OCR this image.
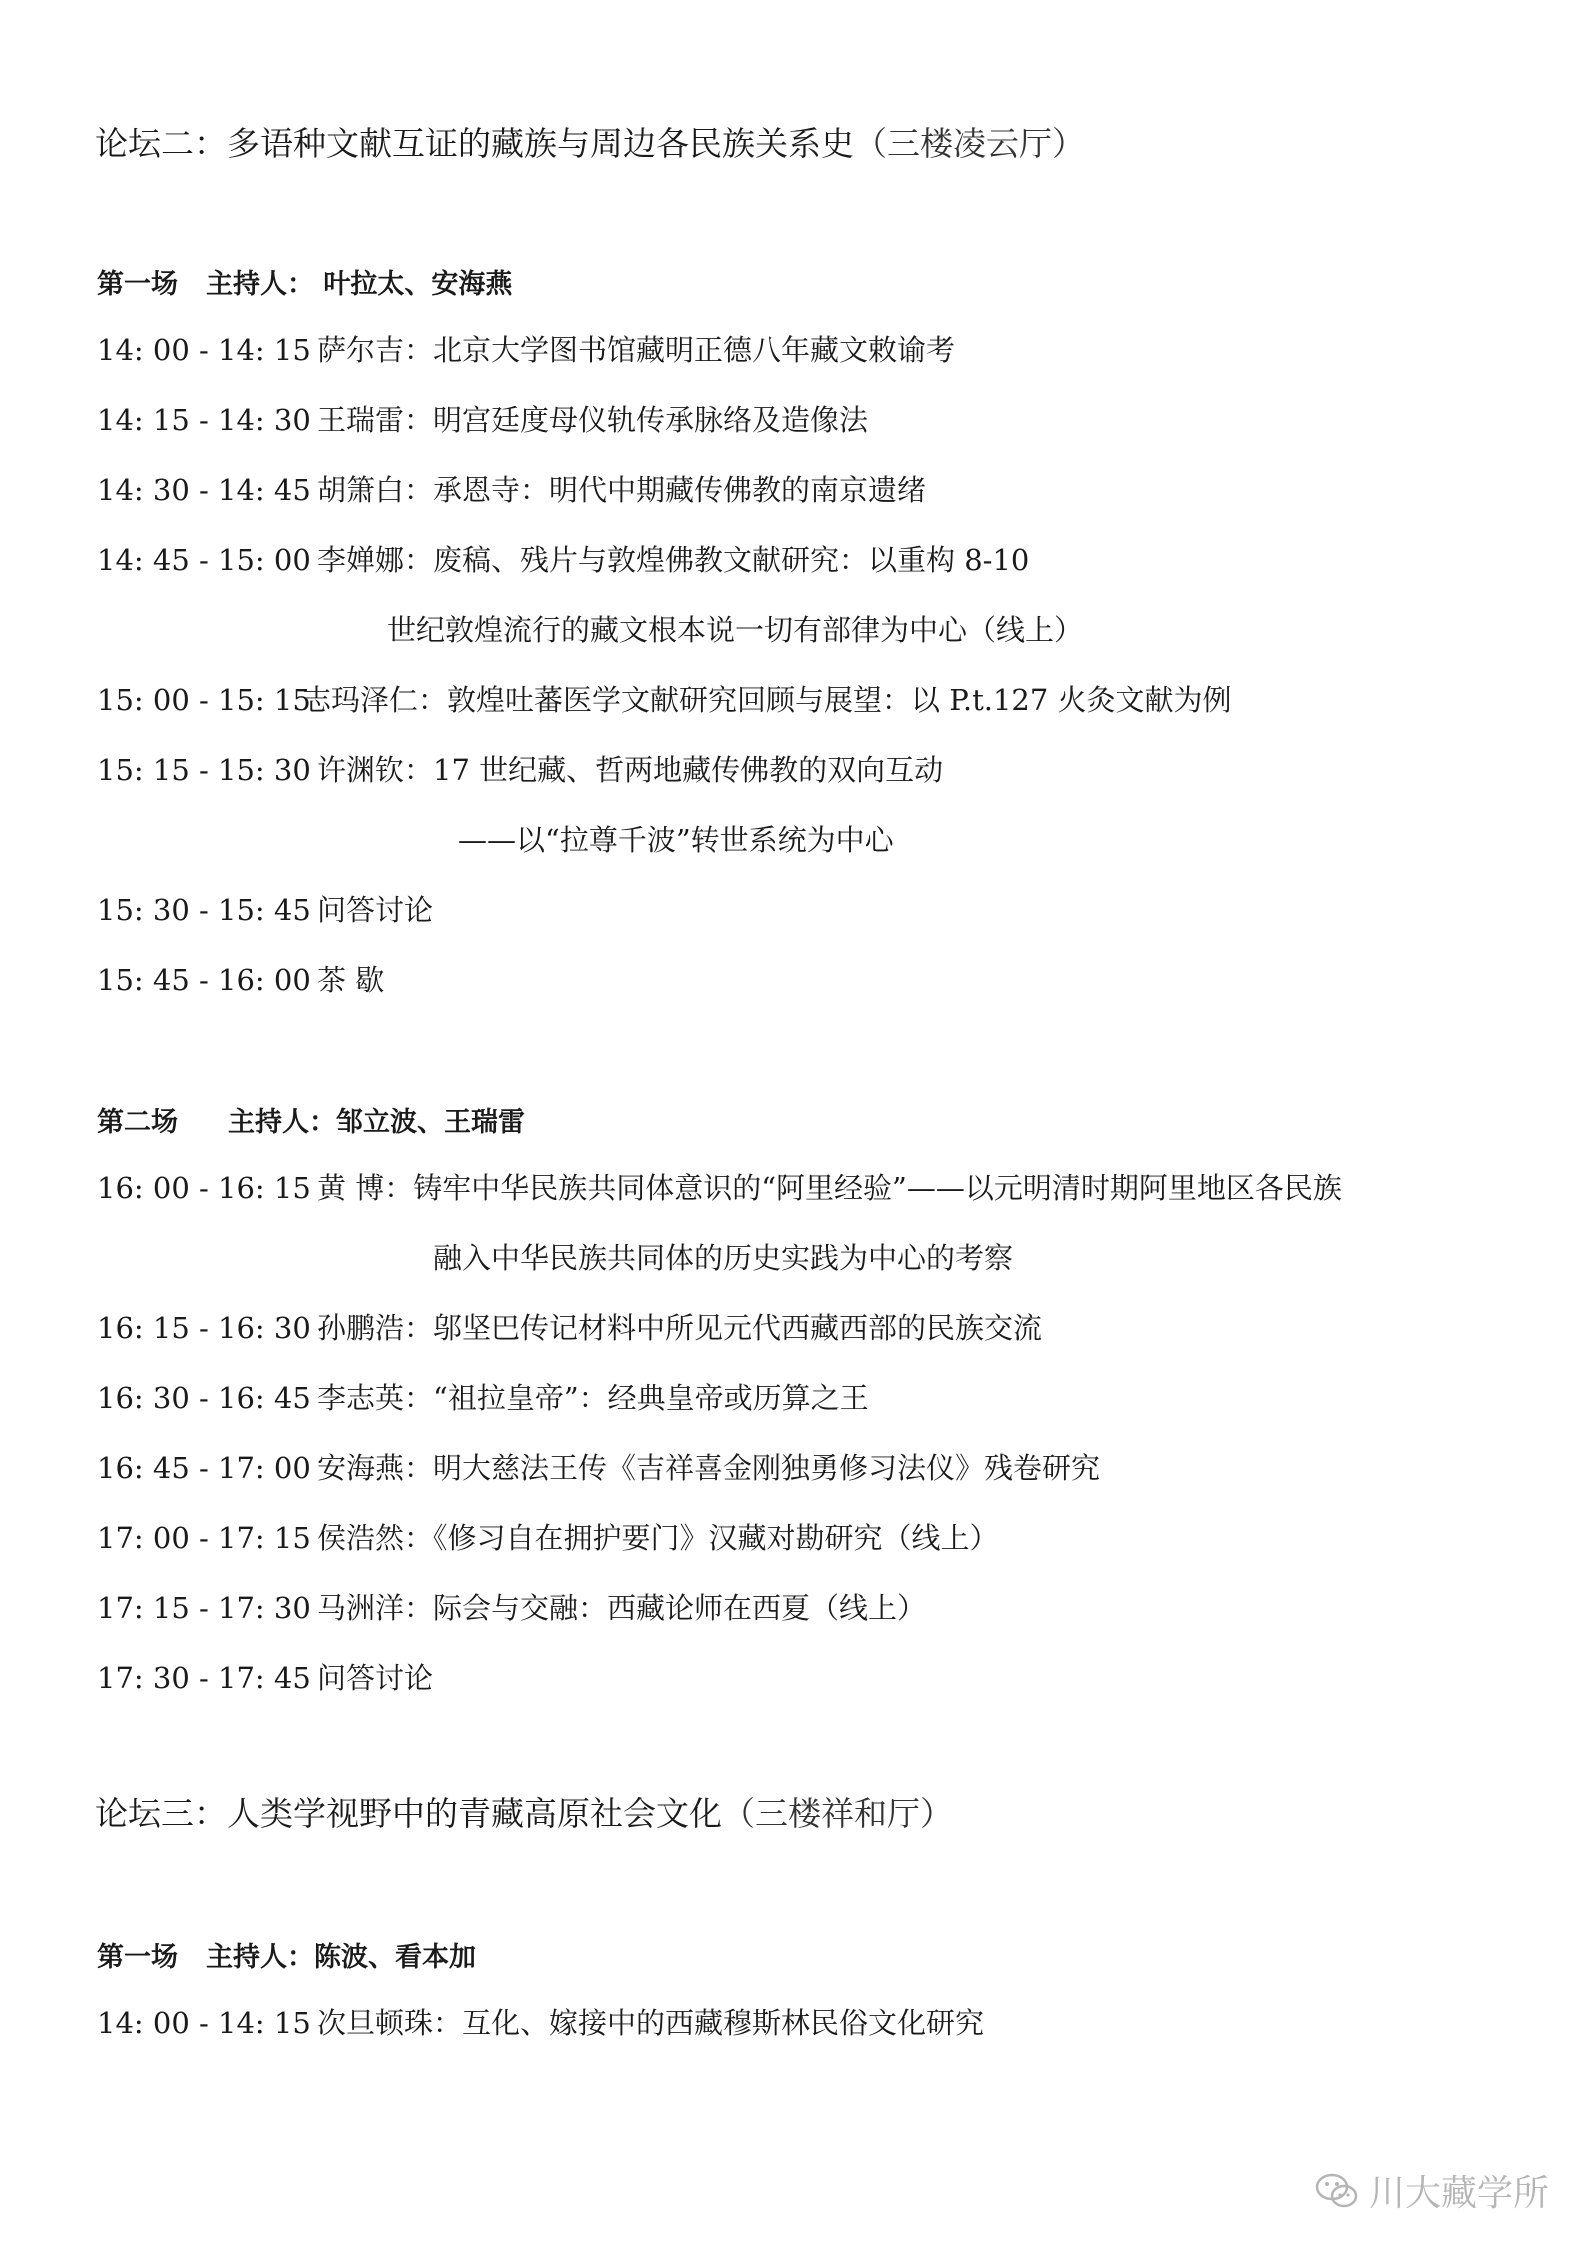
论坛二：多语种文献互证的藏族与周边各民族关系史（三楼凌云厅）
第一场 主持人： 叶拉太、安海燕
14: 00 - 14: 15 萨尔吉：北京大学图书馆藏明正德八年藏文敕谕考
14: 15 - 14: 30 王瑞雷：明宫廷度母仪轨传承脉络及造像法
14: 30 - 14: 45 胡箫白：承恩寺：明代中期藏传佛教的南京遗绪
14: 45 - 15: 00 李婵娜：废稿、残片与敦煌佛教文献研究：以重构 8-10
世纪敦煌流行的藏文根本说一切有部律为中心（线上）
15: 00 - 15: 15志玛泽仁：敦煌吐蕃医学文献研究回顾与展望：以 P.t.127 火灸文献为例
15: 15 - 15: 30 许渊钦：17 世纪藏、哲两地藏传佛教的双向互动
——以“拉尊千波”转世系统为中心
15: 30 - 15: 45 问答讨论
15: 45 - 16: 00 茶 歇
第二场 主持人：邹立波、王瑞雷
16: 00 - 16: 15 黄 博：铸牢中华民族共同体意识的“阿里经验”——以元明清时期阿里地区各民族
融入中华民族共同体的历史实践为中心的考察
16: 15 - 16: 30 孙鹏浩：邬坚巴传记材料中所见元代西藏西部的民族交流
16: 30 - 16: 45 李志英：“祖拉皇帝”：经典皇帝或历算之王
16: 45 - 17: 00 安海燕：明大慈法王传《吉祥喜金刚独勇修习法仪》残卷研究
17: 00 - 17: 15 侯浩然：《修习自在拥护要门》汉藏对勘研究（线上）
17: 15 - 17: 30 马洲洋：际会与交融：西藏论师在西夏（线上）
17: 30 - 17: 45 问答讨论
论坛三：人类学视野中的青藏高原社会文化（三楼祥和厅）
第一场 主持人：陈波、看本加
14: 00 - 14: 15 次旦顿珠：互化、嫁接中的西藏穆斯林民俗文化研究
川大藏学所
